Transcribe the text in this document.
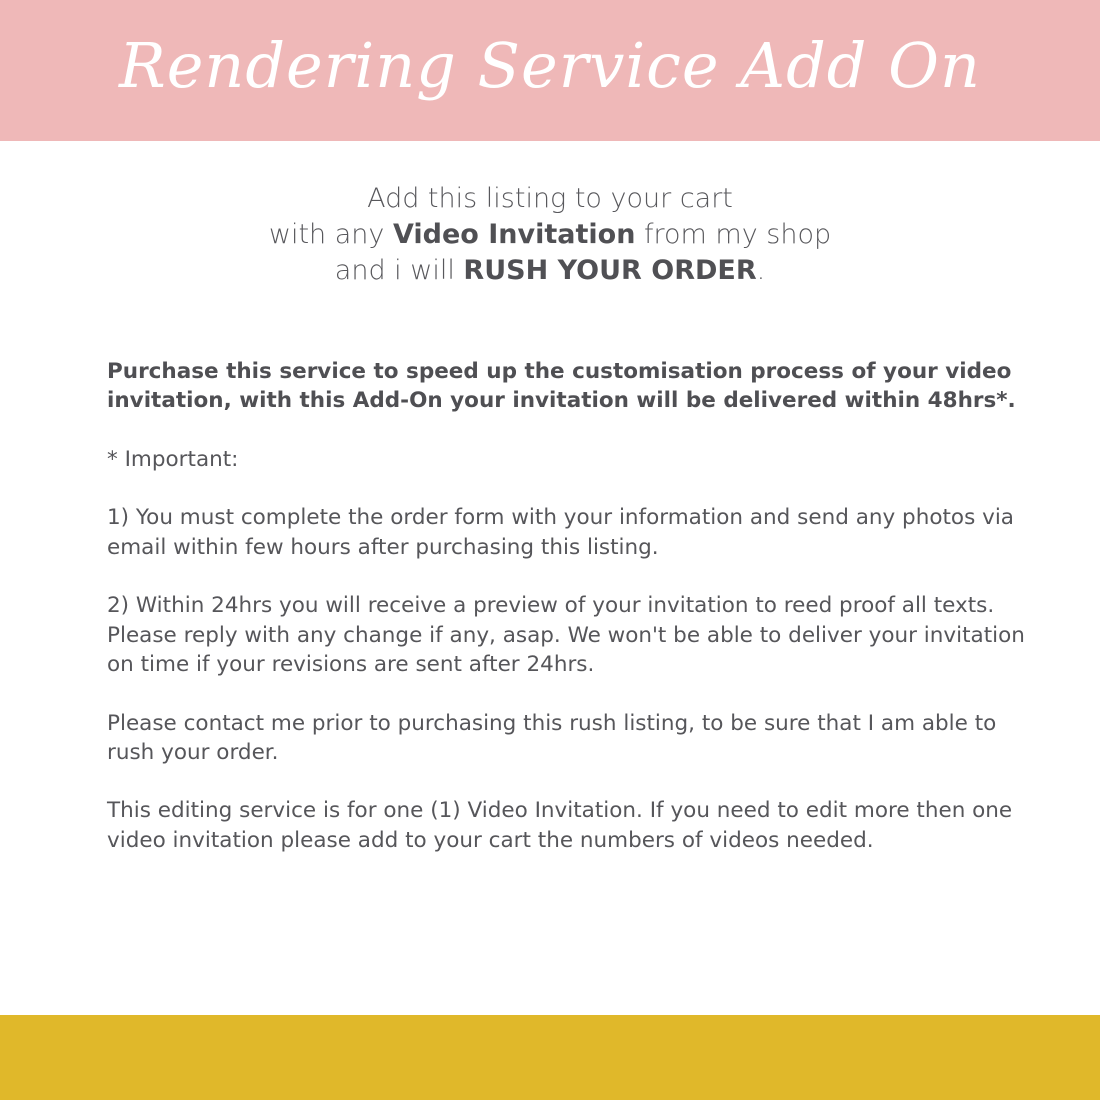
Rendering Service Add On
Add this listing to your cart
with any Video Invitation from my shop
and i will RUSH YOUR ORDER.

Purchase this service to speed up the customisation process of your video invitation, with this Add-On your invitation will be delivered within 48hrs*.

* Important:

1) You must complete the order form with your information and send any photos via email within few hours after purchasing this listing.

2) Within 24hrs you will receive a preview of your invitation to reed proof all texts. Please reply with any change if any, asap. We won't be able to deliver your invitation on time if your revisions are sent after 24hrs.

Please contact me prior to purchasing this rush listing, to be sure that I am able to rush your order.

This editing service is for one (1) Video Invitation. If you need to edit more then one video invitation please add to your cart the numbers of videos needed.
